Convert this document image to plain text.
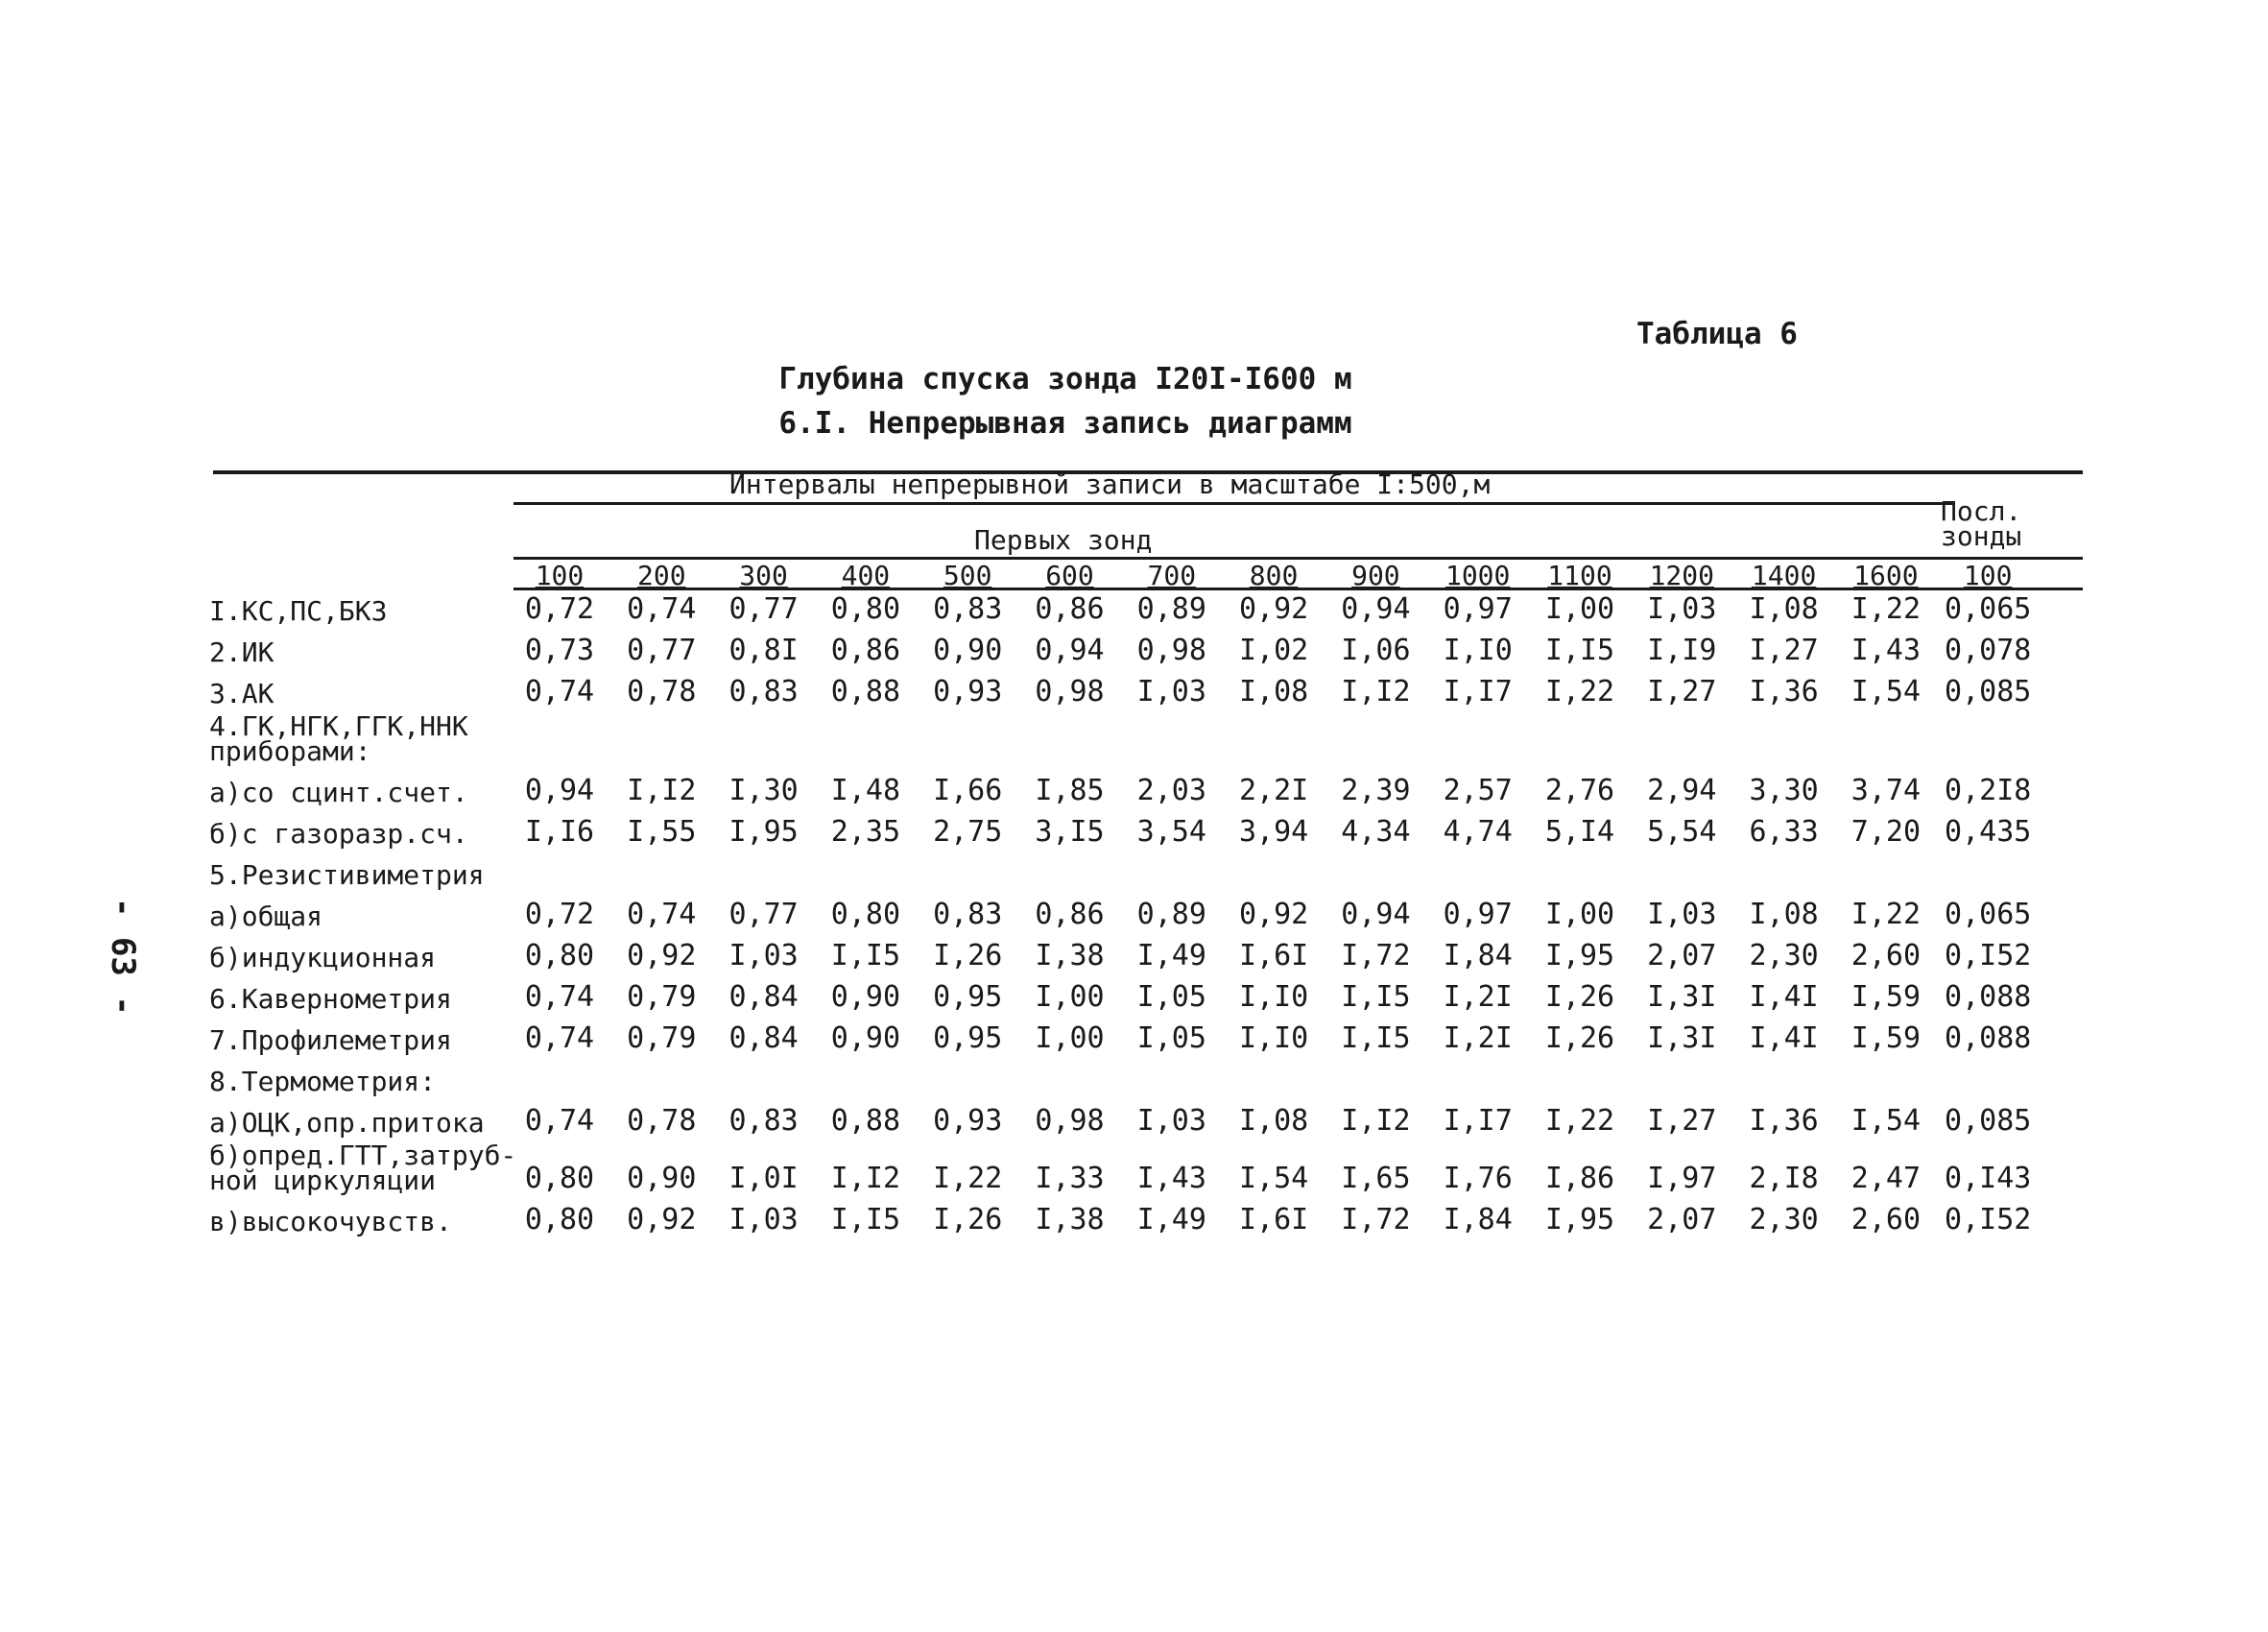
- 63 -
Таблица 6
Глубина спуска зонда I20I-I600 м
6.I. Непрерывная запись диаграмм
Интервалы непрерывной записи в масштабе I:500,м
Первых зонд
Посл.
зонды
100	200	300	400	500	600	700	800	900	1000	1100	1200	1400	1600	100
I.КС,ПС,БКЗ	0,72	0,74	0,77	0,80	0,83	0,86	0,89	0,92	0,94	0,97	I,00	I,03	I,08	I,22 0,065
2.ИК	0,73	0,77	0,8I	0,86	0,90	0,94	0,98	I,02	I,06	I,I0	I,I5	I,I9	I,27	I,43 0,078
3.АК	0,74	0,78	0,83	0,88	0,93	0,98	I,03	I,08	I,I2	I,I7	I,22	I,27	I,36	I,54 0,085
4.ГК,НГК,ГГК,ННК
приборами:
а)со сцинт.счет.	0,94	I,I2	I,30	I,48	I,66	I,85	2,03	2,2I	2,39	2,57	2,76	2,94	3,30	3,74 0,2I8
б)с газоразр.сч.	I,I6	I,55	I,95	2,35	2,75	3,I5	3,54	3,94	4,34	4,74	5,I4	5,54	6,33	7,20 0,435
5.Резистивиметрия
а)общая	0,72	0,74	0,77	0,80	0,83	0,86	0,89	0,92	0,94	0,97	I,00	I,03	I,08	I,22 0,065
б)индукционная	0,80	0,92	I,03	I,I5	I,26	I,38	I,49	I,6I	I,72	I,84	I,95	2,07	2,30	2,60 0,I52
6.Кавернометрия	0,74	0,79	0,84	0,90	0,95	I,00	I,05	I,I0	I,I5	I,2I	I,26	I,3I	I,4I	I,59 0,088
7.Профилеметрия	0,74	0,79	0,84	0,90	0,95	I,00	I,05	I,I0	I,I5	I,2I	I,26	I,3I	I,4I	I,59 0,088
8.Термометрия:
а)ОЦК,опр.притока	0,74	0,78	0,83	0,88	0,93	0,98	I,03	I,08	I,I2	I,I7	I,22	I,27	I,36	I,54 0,085
б)опред.ГТТ,затруб-
ной циркуляции	0,80	0,90	I,0I	I,I2	I,22	I,33	I,43	I,54	I,65	I,76	I,86	I,97	2,I8	2,47 0,I43
в)высокочувств.	0,80	0,92	I,03	I,I5	I,26	I,38	I,49	I,6I	I,72	I,84	I,95	2,07	2,30	2,60 0,I52
